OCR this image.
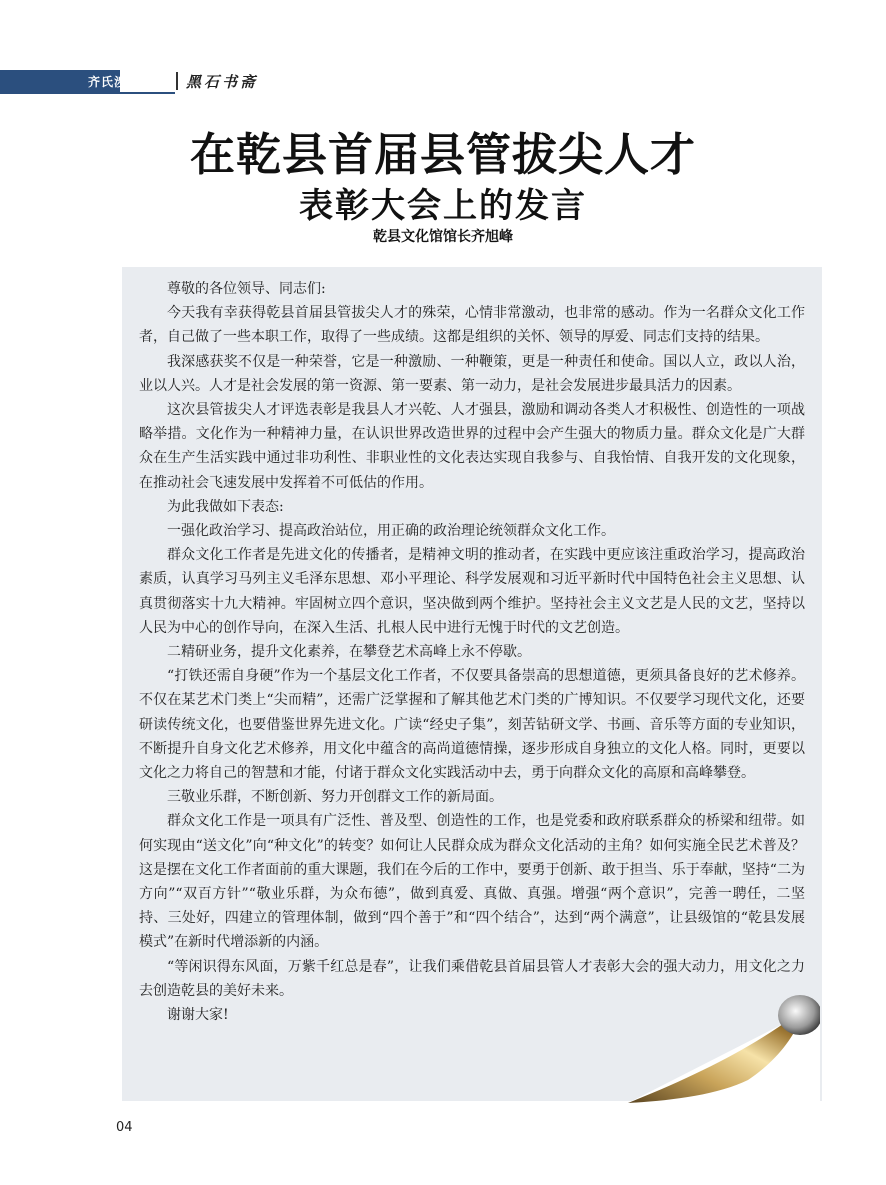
齐氏涉语	黑石书斋
在乾县首届县管拔尖人才
表彰大会上的发言
乾县文化馆馆长齐旭峰

尊敬的各位领导、同志们:

今天我有幸获得乾县首届县管拔尖人才的殊荣，心情非常激动，也非常的感动。作为一名群众文化工作者，自己做了一些本职工作，取得了一些成绩。这都是组织的关怀、领导的厚爱、同志们支持的结果。

我深感获奖不仅是一种荣誉，它是一种激励、一种鞭策，更是一种责任和使命。国以人立，政以人治，业以人兴。人才是社会发展的第一资源、第一要素、第一动力，是社会发展进步最具活力的因素。

这次县管拔尖人才评选表彰是我县人才兴乾、人才强县，激励和调动各类人才积极性、创造性的一项战略举措。文化作为一种精神力量，在认识世界改造世界的过程中会产生强大的物质力量。群众文化是广大群众在生产生活实践中通过非功利性、非职业性的文化表达实现自我参与、自我怡情、自我开发的文化现象，在推动社会飞速发展中发挥着不可低估的作用。

为此我做如下表态:

一强化政治学习、提高政治站位，用正确的政治理论统领群众文化工作。

群众文化工作者是先进文化的传播者，是精神文明的推动者，在实践中更应该注重政治学习，提高政治素质，认真学习马列主义毛泽东思想、邓小平理论、科学发展观和习近平新时代中国特色社会主义思想、认真贯彻落实十九大精神。牢固树立四个意识，坚决做到两个维护。坚持社会主义文艺是人民的文艺，坚持以人民为中心的创作导向，在深入生活、扎根人民中进行无愧于时代的文艺创造。

二精研业务，提升文化素养，在攀登艺术高峰上永不停歇。

“打铁还需自身硬”作为一个基层文化工作者，不仅要具备崇高的思想道德，更须具备良好的艺术修养。不仅在某艺术门类上“尖而精”，还需广泛掌握和了解其他艺术门类的广博知识。不仅要学习现代文化，还要研读传统文化，也要借鉴世界先进文化。广读“经史子集”，刻苦钻研文学、书画、音乐等方面的专业知识，不断提升自身文化艺术修养，用文化中蕴含的高尚道德情操，逐步形成自身独立的文化人格。同时，更要以文化之力将自己的智慧和才能，付诸于群众文化实践活动中去，勇于向群众文化的高原和高峰攀登。

三敬业乐群，不断创新、努力开创群文工作的新局面。

群众文化工作是一项具有广泛性、普及型、创造性的工作，也是党委和政府联系群众的桥梁和纽带。如何实现由“送文化”向“种文化”的转变？如何让人民群众成为群众文化活动的主角？如何实施全民艺术普及？这是摆在文化工作者面前的重大课题，我们在今后的工作中，要勇于创新、敢于担当、乐于奉献，坚持“二为方向”“双百方针”“敬业乐群，为众布德”，做到真爱、真做、真强。增强“两个意识”，完善一聘任，二坚持、三处好，四建立的管理体制，做到“四个善于”和“四个结合”，达到“两个满意”，让县级馆的“乾县发展模式”在新时代增添新的内涵。

“等闲识得东风面，万紫千红总是春”，让我们乘借乾县首届县管人才表彰大会的强大动力，用文化之力去创造乾县的美好未来。

谢谢大家!

04
